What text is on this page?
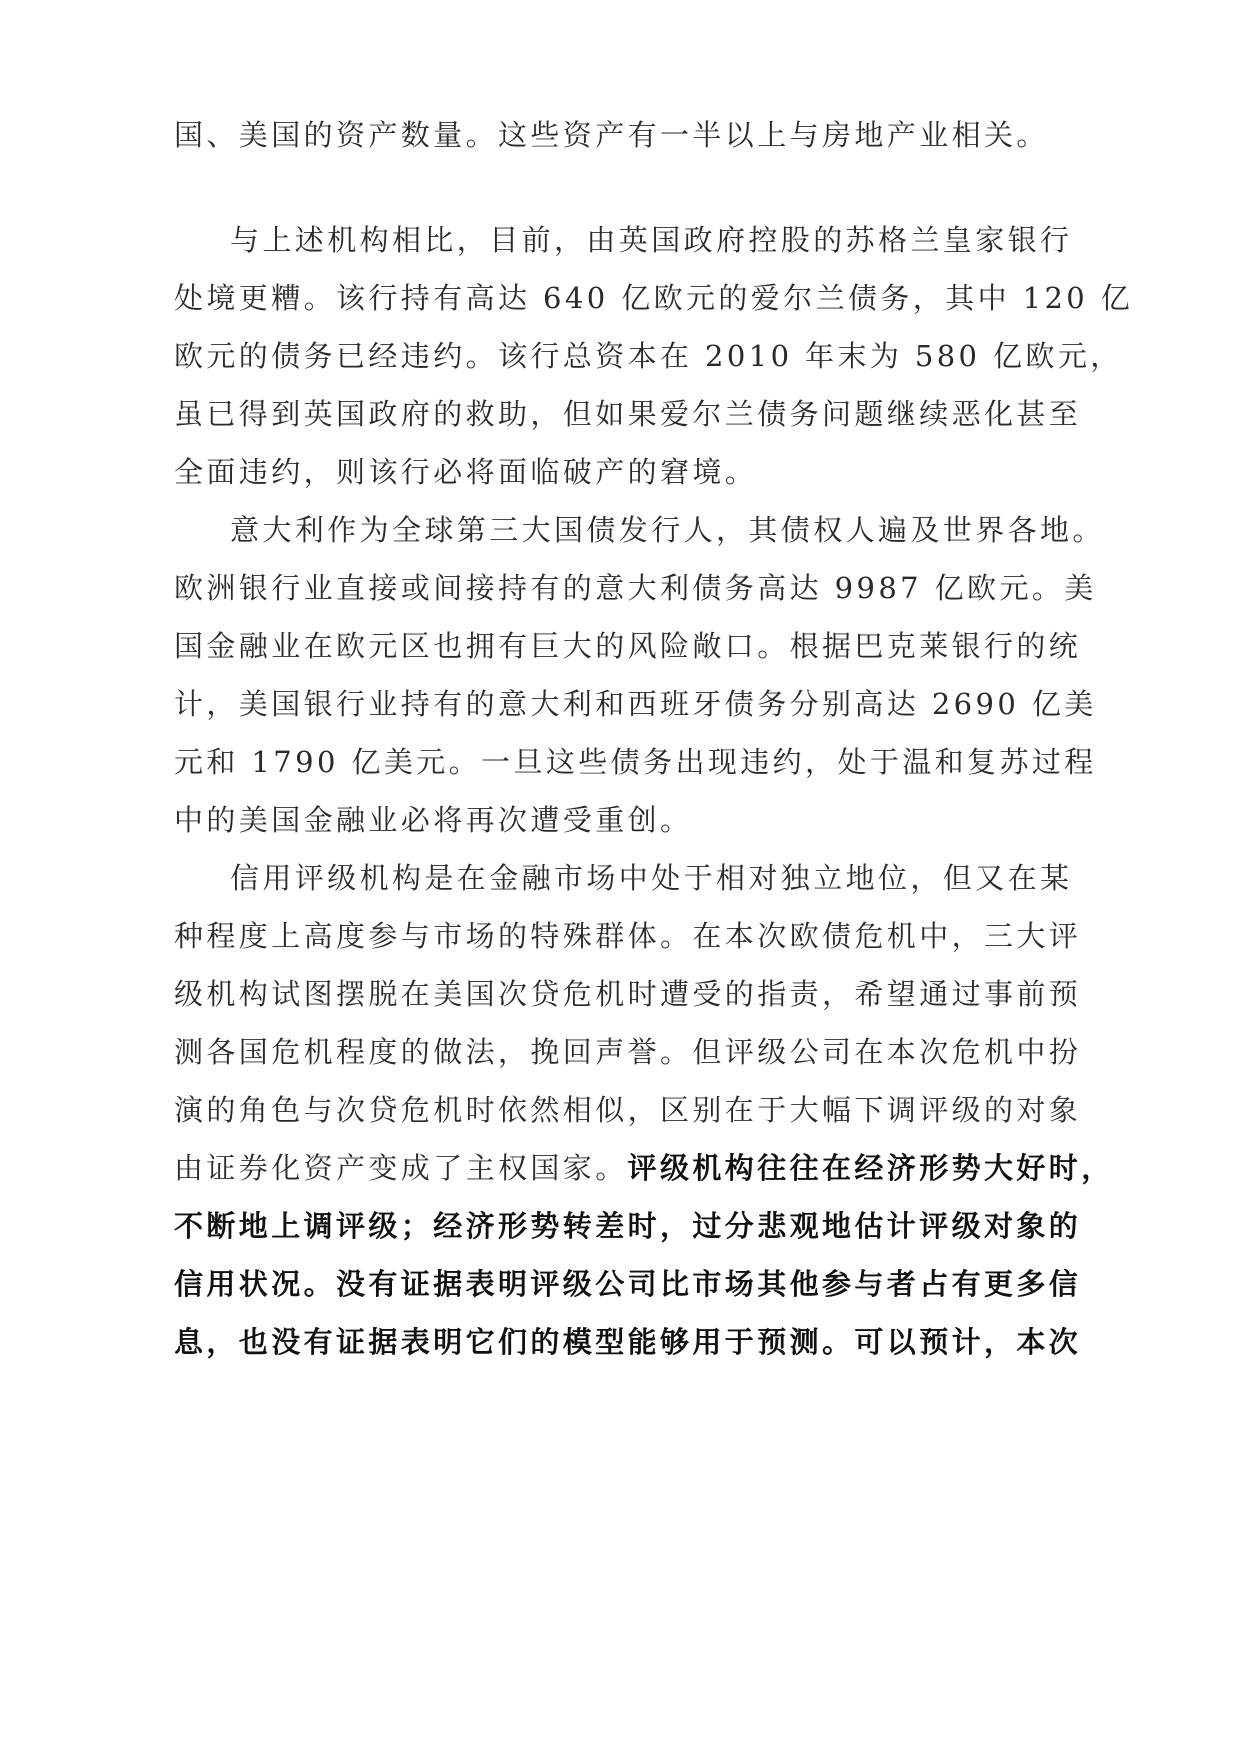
国、美国的资产数量。这些资产有一半以上与房地产业相关。
与上述机构相比，目前，由英国政府控股的苏格兰皇家银行
处境更糟。该行持有高达 640 亿欧元的爱尔兰债务，其中 120 亿
欧元的债务已经违约。该行总资本在 2010 年末为 580 亿欧元，
虽已得到英国政府的救助，但如果爱尔兰债务问题继续恶化甚至
全面违约，则该行必将面临破产的窘境。
意大利作为全球第三大国债发行人，其债权人遍及世界各地。
欧洲银行业直接或间接持有的意大利债务高达 9987 亿欧元。美
国金融业在欧元区也拥有巨大的风险敞口。根据巴克莱银行的统
计，美国银行业持有的意大利和西班牙债务分别高达 2690 亿美
元和 1790 亿美元。一旦这些债务出现违约，处于温和复苏过程
中的美国金融业必将再次遭受重创。
信用评级机构是在金融市场中处于相对独立地位，但又在某
种程度上高度参与市场的特殊群体。在本次欧债危机中，三大评
级机构试图摆脱在美国次贷危机时遭受的指责，希望通过事前预
测各国危机程度的做法，挽回声誉。但评级公司在本次危机中扮
演的角色与次贷危机时依然相似，区别在于大幅下调评级的对象
由证券化资产变成了主权国家。评级机构往往在经济形势大好时，
不断地上调评级；经济形势转差时，过分悲观地估计评级对象的
信用状况。没有证据表明评级公司比市场其他参与者占有更多信
息，也没有证据表明它们的模型能够用于预测。可以预计，本次
